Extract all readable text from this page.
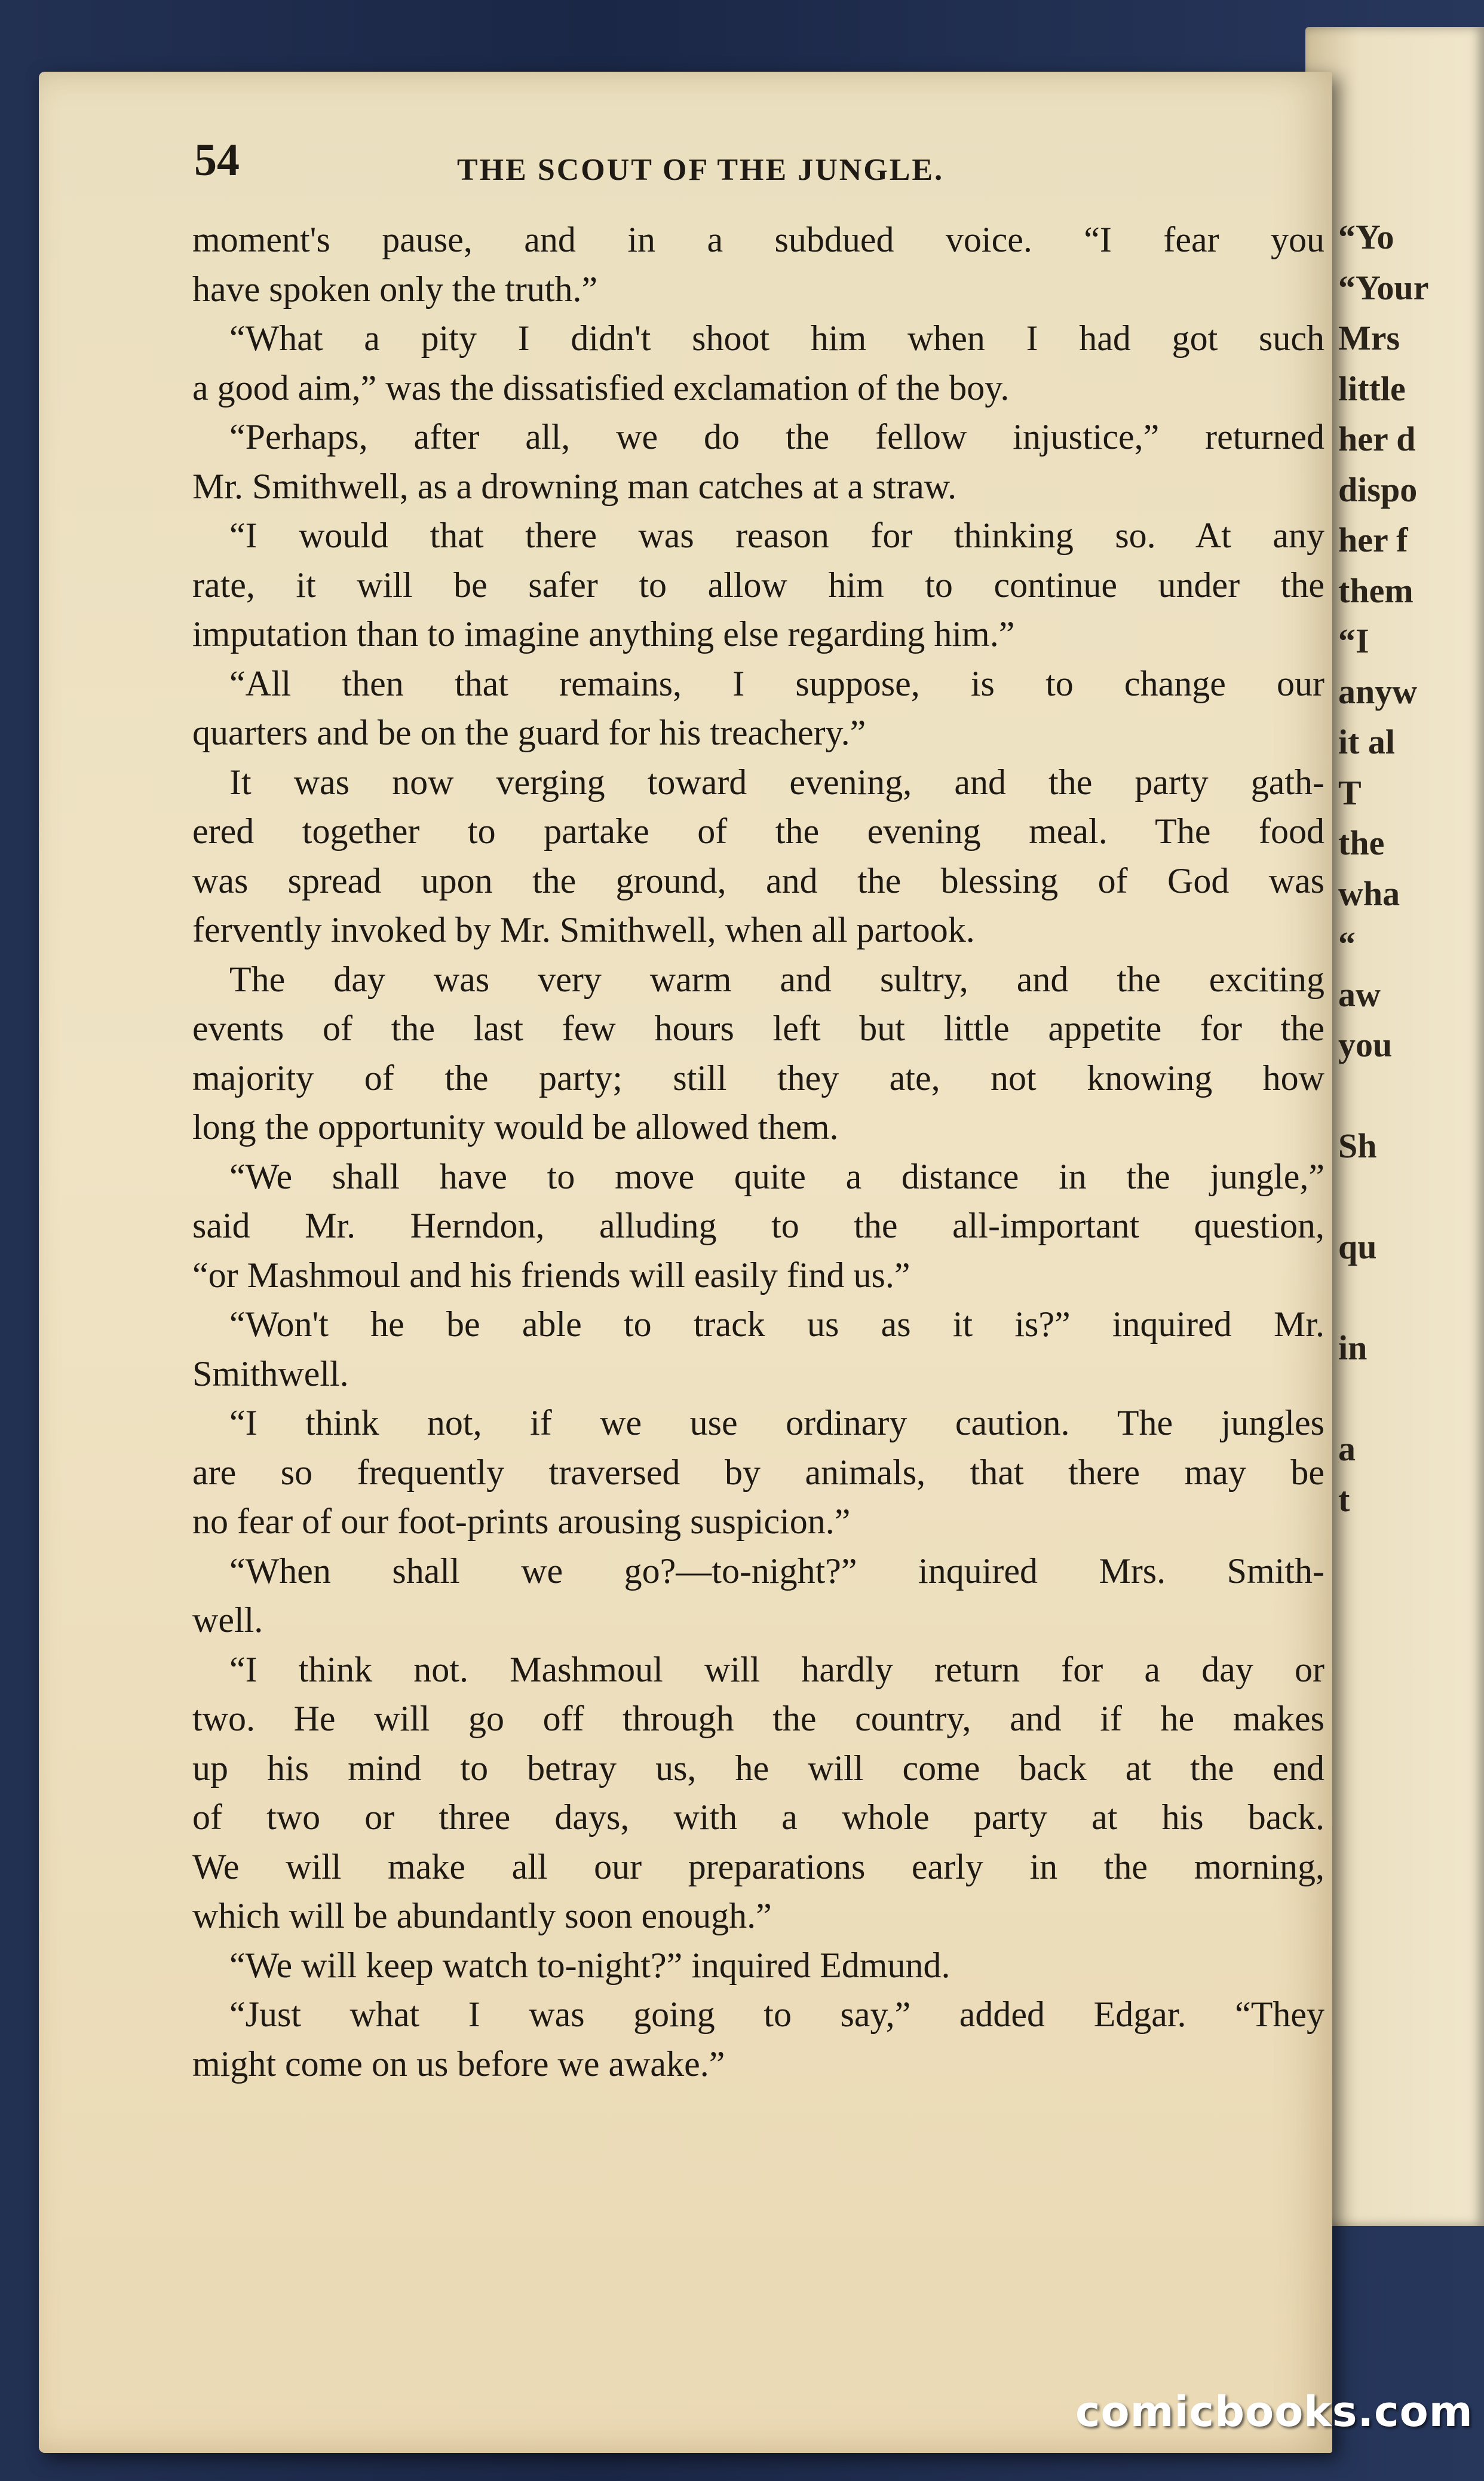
“Yo
“Your
Mrs
little
her d
dispo
her f
them
“I
anyw
it al
T
the
wha
“
aw
you
Sh
qu
in
a
t
54	THE SCOUT OF THE JUNGLE.
moment's pause, and in a subdued voice. “I fear you
have spoken only the truth.”
“What a pity I didn't shoot him when I had got such
a good aim,” was the dissatisfied exclamation of the boy.
“Perhaps, after all, we do the fellow injustice,” returned
Mr. Smithwell, as a drowning man catches at a straw.
“I would that there was reason for thinking so. At any
rate, it will be safer to allow him to continue under the
imputation than to imagine anything else regarding him.”
“All then that remains, I suppose, is to change our
quarters and be on the guard for his treachery.”
It was now verging toward evening, and the party gath-
ered together to partake of the evening meal. The food
was spread upon the ground, and the blessing of God was
fervently invoked by Mr. Smithwell, when all partook.
The day was very warm and sultry, and the exciting
events of the last few hours left but little appetite for the
majority of the party; still they ate, not knowing how
long the opportunity would be allowed them.
“We shall have to move quite a distance in the jungle,”
said Mr. Herndon, alluding to the all-important question,
“or Mashmoul and his friends will easily find us.”
“Won't he be able to track us as it is?” inquired Mr.
Smithwell.
“I think not, if we use ordinary caution. The jungles
are so frequently traversed by animals, that there may be
no fear of our foot-prints arousing suspicion.”
“When shall we go?—to-night?” inquired Mrs. Smith-
well.
“I think not. Mashmoul will hardly return for a day or
two. He will go off through the country, and if he makes
up his mind to betray us, he will come back at the end
of two or three days, with a whole party at his back.
We will make all our preparations early in the morning,
which will be abundantly soon enough.”
“We will keep watch to-night?” inquired Edmund.
“Just what I was going to say,” added Edgar. “They
might come on us before we awake.”
comicbooks.com
